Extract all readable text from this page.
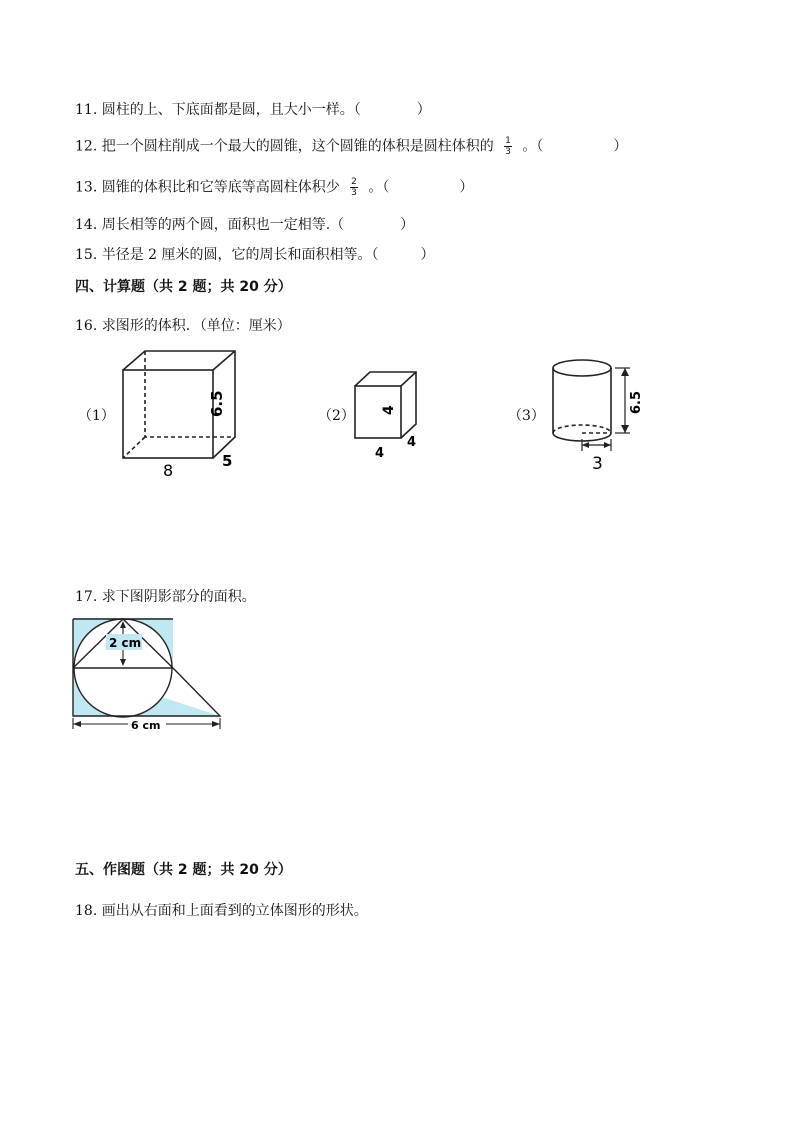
11. 圆柱的上、下底面都是圆，且大小一样。（　　　　）
12. 把一个圆柱削成一个最大的圆锥，这个圆锥的体积是圆柱体积的 $\frac{1}{3}$ 。（　　　　　）
13. 圆锥的体积比和它等底等高圆柱体积少 $\frac{2}{3}$ 。（　　　　　）
14. 周长相等的两个圆，面积也一定相等.（　　　　）
15. 半径是 2 厘米的圆，它的周长和面积相等。（　　　）
四、计算题（共 2 题；共 20 分）
16. 求图形的体积．（单位：厘米）
（1）	（2）	（3）
6.5
8	5
4
4
4
6.5
3
17. 求下图阴影部分的面积。
2 cm
6 cm
五、作图题（共 2 题；共 20 分）
18. 画出从右面和上面看到的立体图形的形状。
